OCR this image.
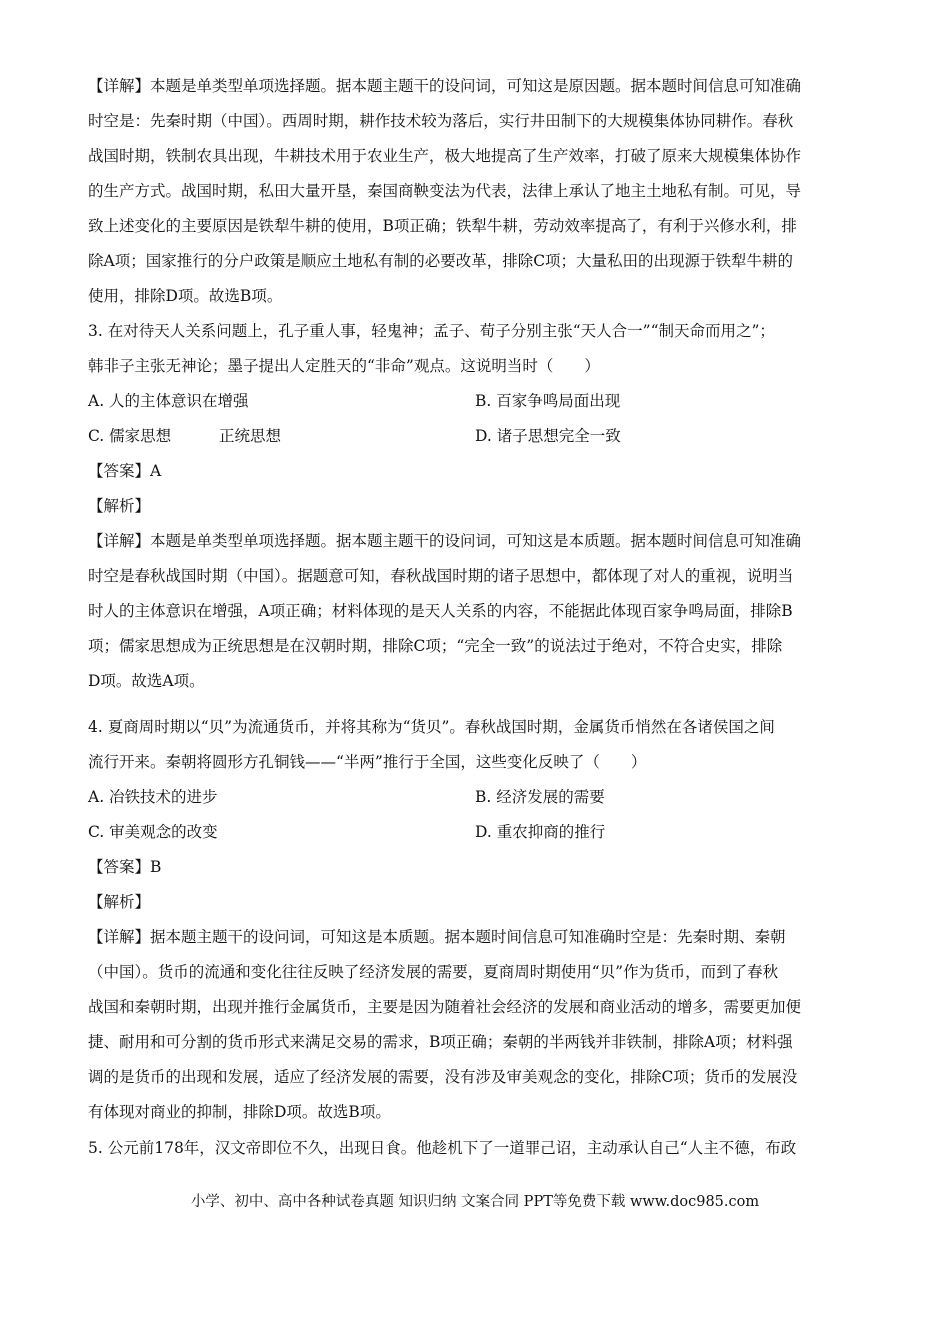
【详解】本题是单类型单项选择题。据本题主题干的设问词，可知这是原因题。据本题时间信息可知准确
时空是：先秦时期（中国）。西周时期，耕作技术较为落后，实行井田制下的大规模集体协同耕作。春秋
战国时期，铁制农具出现，牛耕技术用于农业生产，极大地提高了生产效率，打破了原来大规模集体协作
的生产方式。战国时期，私田大量开垦，秦国商鞅变法为代表，法律上承认了地主土地私有制。可见，导
致上述变化的主要原因是铁犁牛耕的使用，B项正确；铁犁牛耕，劳动效率提高了，有利于兴修水利，排
除A项；国家推行的分户政策是顺应土地私有制的必要改革，排除C项；大量私田的出现源于铁犁牛耕的
使用，排除D项。故选B项。
3. 在对待天人关系问题上，孔子重人事，轻鬼神；孟子、荀子分别主张“天人合一”“制天命而用之”；
韩非子主张无神论；墨子提出人定胜天的“非命”观点。这说明当时（　　）
A. 人的主体意识在增强	B. 百家争鸣局面出现
C. 儒家思想	正统思想	D. 诸子思想完全一致
【答案】A
【解析】
【详解】本题是单类型单项选择题。据本题主题干的设问词，可知这是本质题。据本题时间信息可知准确
时空是春秋战国时期（中国）。据题意可知，春秋战国时期的诸子思想中，都体现了对人的重视，说明当
时人的主体意识在增强，A项正确；材料体现的是天人关系的内容，不能据此体现百家争鸣局面，排除B
项；儒家思想成为正统思想是在汉朝时期，排除C项；“完全一致”的说法过于绝对，不符合史实，排除
D项。故选A项。
4. 夏商周时期以“贝”为流通货币，并将其称为“货贝”。春秋战国时期，金属货币悄然在各诸侯国之间
流行开来。秦朝将圆形方孔铜钱——“半两”推行于全国，这些变化反映了（　　）
A. 冶铁技术的进步	B. 经济发展的需要
C. 审美观念的改变	D. 重农抑商的推行
【答案】B
【解析】
【详解】据本题主题干的设问词，可知这是本质题。据本题时间信息可知准确时空是：先秦时期、秦朝
（中国）。货币的流通和变化往往反映了经济发展的需要，夏商周时期使用“贝”作为货币，而到了春秋
战国和秦朝时期，出现并推行金属货币，主要是因为随着社会经济的发展和商业活动的增多，需要更加便
捷、耐用和可分割的货币形式来满足交易的需求，B项正确；秦朝的半两钱并非铁制，排除A项；材料强
调的是货币的出现和发展，适应了经济发展的需要，没有涉及审美观念的变化，排除C项；货币的发展没
有体现对商业的抑制，排除D项。故选B项。
5. 公元前178年，汉文帝即位不久，出现日食。他趁机下了一道罪己诏，主动承认自己“人主不德，布政
小学、初中、高中各种试卷真题 知识归纳 文案合同 PPT等免费下载 www.doc985.com
